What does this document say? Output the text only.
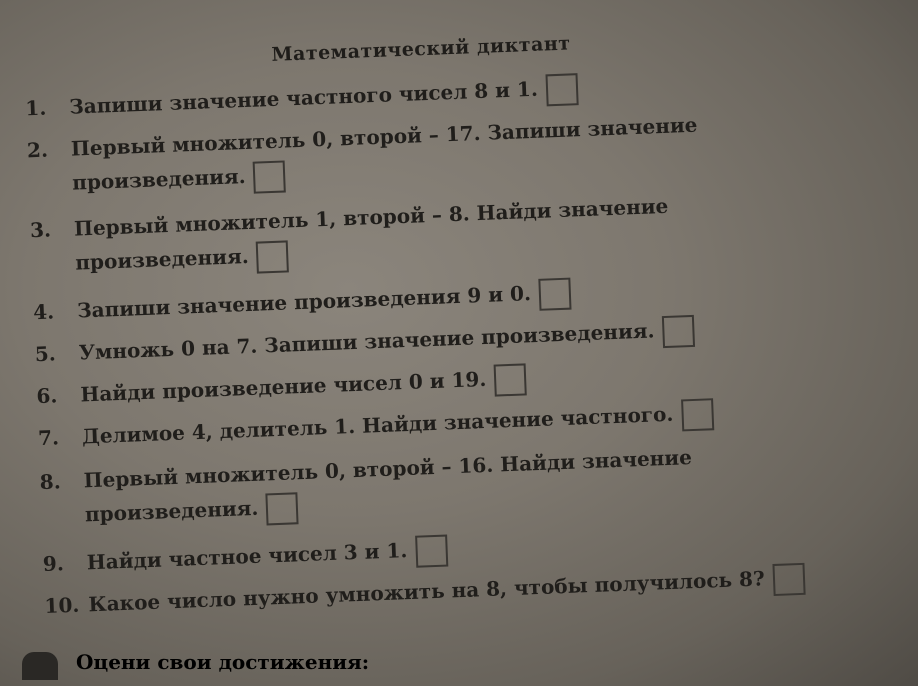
Математический диктант
1. Запиши значение частного чисел 8 и 1.
2. Первый множитель 0, второй – 17. Запиши значение
произведения.
3. Первый множитель 1, второй – 8. Найди значение
произведения.
4. Запиши значение произведения 9 и 0.
5. Умножь 0 на 7. Запиши значение произведения.
6. Найди произведение чисел 0 и 19.
7. Делимое 4, делитель 1. Найди значение частного.
8. Первый множитель 0, второй – 16. Найди значение
произведения.
9. Найди частное чисел 3 и 1.
10. Какое число нужно умножить на 8, чтобы получилось 8?
Оцени свои достижения:
